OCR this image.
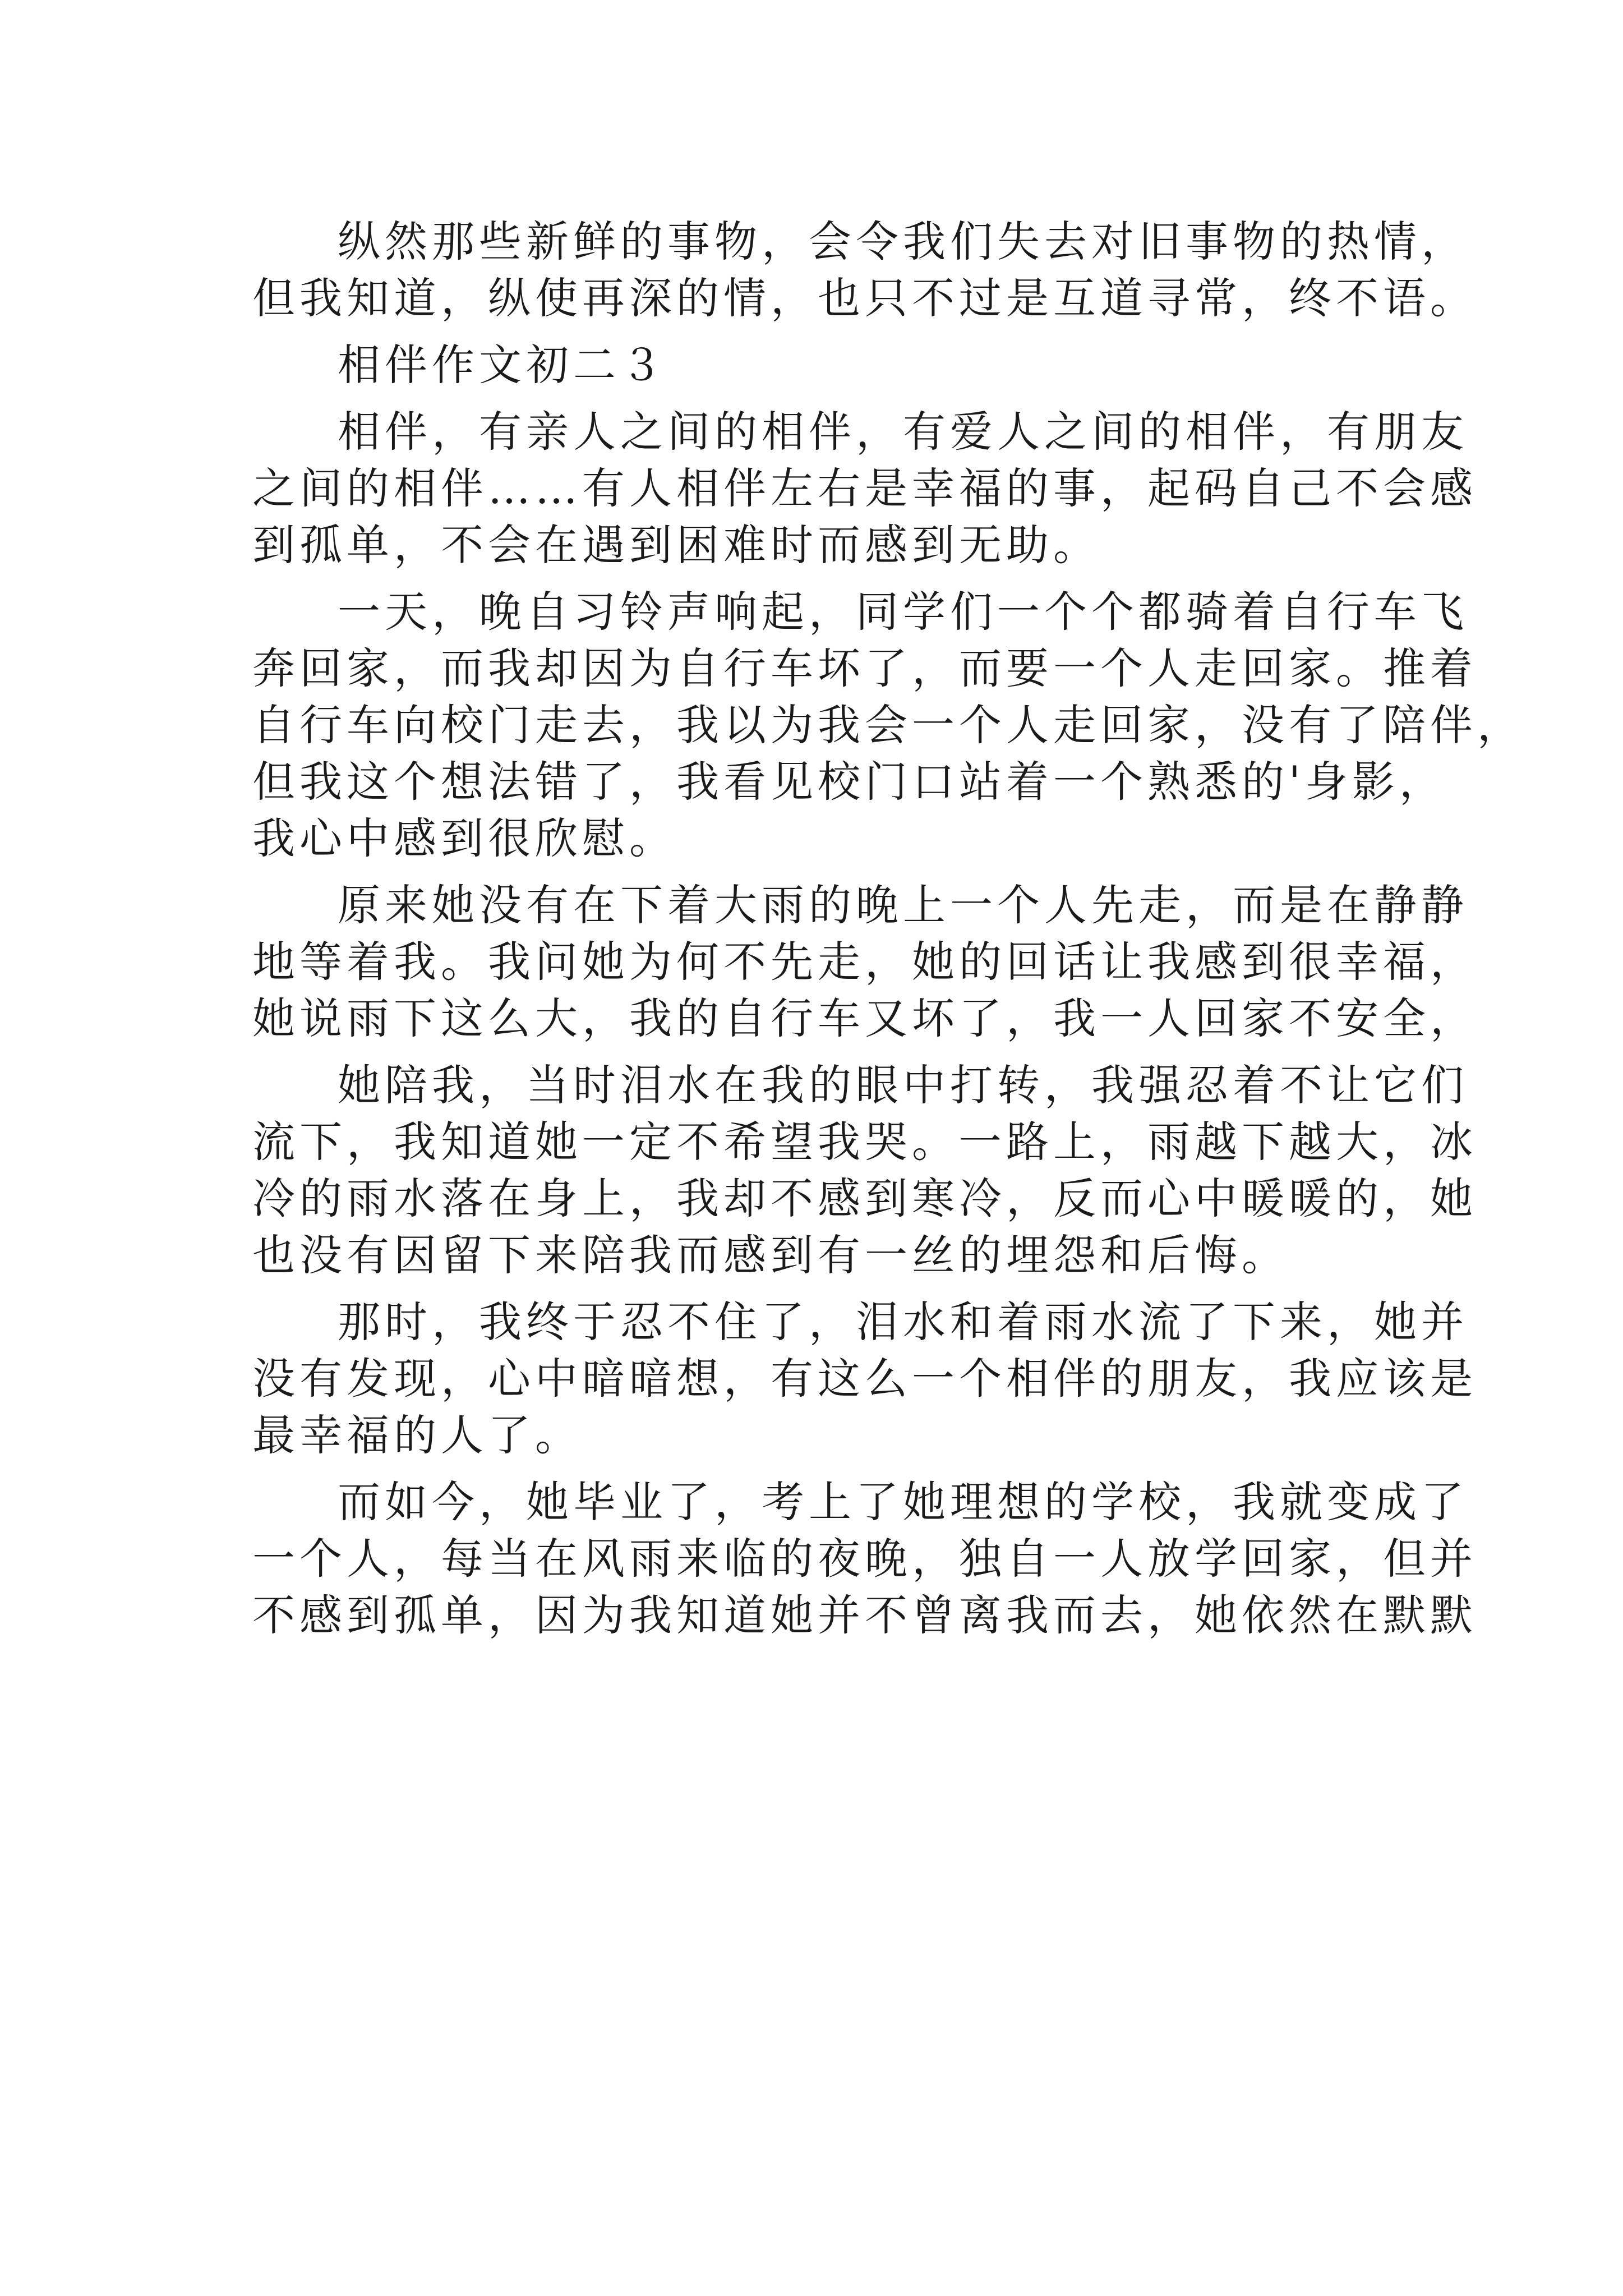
纵然那些新鲜的事物，会令我们失去对旧事物的热情，
但我知道，纵使再深的情，也只不过是互道寻常，终不语。
相伴作文初二３
相伴，有亲人之间的相伴，有爱人之间的相伴，有朋友
之间的相伴……有人相伴左右是幸福的事，起码自己不会感
到孤单，不会在遇到困难时而感到无助。
一天，晚自习铃声响起，同学们一个个都骑着自行车飞
奔回家，而我却因为自行车坏了，而要一个人走回家。推着
自行车向校门走去，我以为我会一个人走回家，没有了陪伴，
但我这个想法错了，我看见校门口站着一个熟悉的'身影，
我心中感到很欣慰。
原来她没有在下着大雨的晚上一个人先走，而是在静静
地等着我。我问她为何不先走，她的回话让我感到很幸福，
她说雨下这么大，我的自行车又坏了，我一人回家不安全，
她陪我，当时泪水在我的眼中打转，我强忍着不让它们
流下，我知道她一定不希望我哭。一路上，雨越下越大，冰
冷的雨水落在身上，我却不感到寒冷，反而心中暖暖的，她
也没有因留下来陪我而感到有一丝的埋怨和后悔。
那时，我终于忍不住了，泪水和着雨水流了下来，她并
没有发现，心中暗暗想，有这么一个相伴的朋友，我应该是
最幸福的人了。
而如今，她毕业了，考上了她理想的学校，我就变成了
一个人，每当在风雨来临的夜晚，独自一人放学回家，但并
不感到孤单，因为我知道她并不曾离我而去，她依然在默默
